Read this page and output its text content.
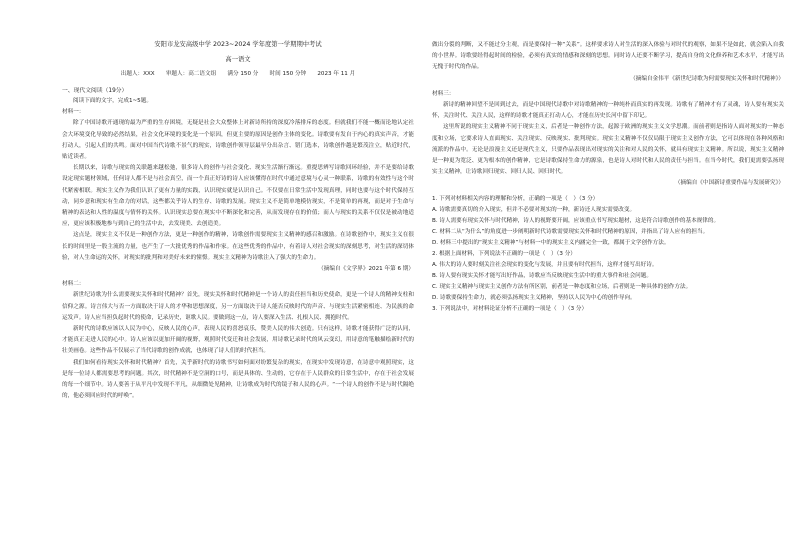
安阳市龙安高级中学 2023~2024 学年度第一学期期中考试
高一语文
出题人：XXX　　审题人：高二语文组　　满分 150 分　　时间 150 分钟　　2023 年 11 月
一、现代文阅读（19分）

阅读下面的文字，完成1~5题。

材料一：

除了中国诗歌开通现的最为严重的生存困境，无疑是社会大众整体上对新诗所持的深度冷落排斥的态度。但就我们不能一概而论地认定社会大环境变化导致的必然结果，社会文化环境的变化是一个原因，但更主要的原因是创作主体的变化。诗歌要有发自于内心的真实声音，才能打动人，引起人们的共鸣。面对中国当代诗歌不景气的现实，诗歌创作领导层最早分出杂言、错门选本，诗歌创作越是繁茂注立，贴近时代，贴近读者。

长期以来，诗歌与现实的关联越来越松弛，很多诗人的创作与社会变化、现实生活渐行渐远。重提思辨写诗歌回环经验，并不是要给诗歌设定现实题材领域，任何诗人都不是与社会真空，而一个真正好诗的诗人应该懂得在时代中通过意境与心灵一种联系，诗歌的有效性与这个时代紧密相联。现实主义作为我们认识了更有力量的实践，认识现实就是认识自己。不仅要在日常生活中发现真理，同时也要与这个时代保持互动，同乡意和现实有生命力的对话，这些都关乎诗人的生存、诗歌的发展。现实主义不是简单地模仿现实，不是简单的再现，而是对于生命与精神的表达和人性的温度与情怀的关怀。认识现实总要在现实中不断深化和完善，从而发现存在的价值；而人与现实的关系不仅仅是被动地适应，更应该积极地参与到自己的生活中去，去发现美、去创造美。

这点是，现实主义不仅是一种创作方法，更是一种创作的精神，诗歌创作需要现实主义精神的感召和激励。在诗歌创作中，现实主义在很长的时间里是一股主流的力量，也产生了一大批优秀的作品和作家。在这些优秀的作品中，有着诗人对社会现实的深刻思考，对生活的深切体验，对人生命运的关怀，对现实的批判和对美好未来的憧憬。现实主义精神为诗歌注入了强大的生命力。

（摘编自《文学界》2021 年第 6 期）

材料二：

新世纪诗歌为什么需要现实关怀和时代精神？首先，现实关怀和时代精神是一个诗人的责任担当和历史使命，更是一个诗人的精神支柱和信仰之源。诗言伟大与否一方面取决于诗人的才华和思想深度，另一方面取决于诗人能否反映时代的声音、与现实生活紧密相连、为民族的命运发声。诗人应当担负起时代的使命，记录历史，讴歌人民。要做到这一点，诗人要深入生活、扎根人民、拥抱时代。

新时代的诗歌应该以人民为中心，反映人民的心声，表现人民的喜怒哀乐，赞美人民的伟大创造。只有这样，诗歌才能获得广泛的认同，才能真正走进人民的心中。诗人应该以更加开阔的视野，观照时代变迁和社会发展，用诗歌记录时代的风云变幻，用诗意的笔触描绘新时代的壮美画卷。这些作品不仅展示了当代诗歌的创作成就，也体现了诗人们的时代担当。

我们如何看待现实关怀和时代精神？首先，关乎新时代的诗歌书写如何面对纷繁复杂的现实，在现实中发现诗意，在诗意中观照现实，这是每一位诗人都需要思考的问题。其次，时代精神不是空洞的口号，而是具体的、生动的，它存在于人民群众的日常生活中，存在于社会发展的每一个细节中。诗人要善于从平凡中发现不平凡，从细微处见精神，让诗歌成为时代的镜子和人民的心声。“一个诗人的创作不是与时代隔绝的，他必须回应时代的呼唤”。

做出分裂的判断，又不能过分主观，而是要保持一种“关系”。这样要求诗人对生活的深入体验与对时代的观察，如果不是如此，就会陷入自我的小世界。诗歌要经得起时间的检验，必须有真实的情感和深刻的思想。同时诗人还要不断学习，提高自身的文化修养和艺术水平，才能写出无愧于时代的作品。

（摘编自金伟平《新世纪诗歌为何需要现实关怀和时代精神》）

材料三：

新诗的精神回望不是回到过去，而是中国现代诗歌中对诗歌精神的一种纯朴而真实的再发现。诗歌有了精神才有了灵魂，诗人要有现实关怀，关注时代、关注人民，这样的诗歌才能真正打动人心，才能在历史长河中留下印记。

这里所说的现实主义精神不同于现实主义，后者是一种创作方法，起源于欧洲的现实主义文学思潮。而前者则是指诗人面对现实的一种态度和立场，它要求诗人直面现实、关注现实、反映现实、批判现实。现实主义精神不仅仅局限于现实主义创作方法，它可以体现在各种风格和流派的作品中。无论是浪漫主义还是现代主义，只要作品表现出对现实的关注和对人民的关怀，就具有现实主义精神。所以说，现实主义精神是一种更为宽泛、更为根本的创作精神，它是诗歌保持生命力的源泉，也是诗人对时代和人民的责任与担当。在当今时代，我们更需要弘扬现实主义精神，让诗歌回归现实、回归人民、回归时代。

（摘编自《中国新诗重要作品与发展研究》）

1. 下列对材料相关内容的理解和分析，正确的一项是（　）（3 分）

A. 诗歌需要真切的介入现实，但并不必要对现实的一种，新诗还人现实需要改变。

B. 诗人需要有现实关怀与时代精神，诗人的视野要开阔，应该重点书写现实题材，这是符合诗歌创作的基本规律的。

C. 材料二从“为什么”的角度进一步阐明新时代诗歌需要现实关怀和时代精神的原因，并指出了诗人应有的担当。

D. 材料三中提出的“现实主义精神”与材料一中的现实主义内涵完全一致，都属于文学创作方法。

2. 根据上面材料，下列说法不正确的一项是（　）（3 分）

A. 伟大的诗人要时刻关注社会现实的变化与发展，并且要有时代担当，这样才能写出好诗。

B. 诗人要有现实关怀才能写出好作品，诗歌应当反映现实生活中的重大事件和社会问题。

C. 现实主义精神与现实主义创作方法有所区别，前者是一种态度和立场，后者则是一种具体的创作方法。

D. 诗歌要保持生命力，就必须弘扬现实主义精神，坚持以人民为中心的创作导向。

3. 下列说法中，对材料论证分析不正确的一项是（　）（3 分）
